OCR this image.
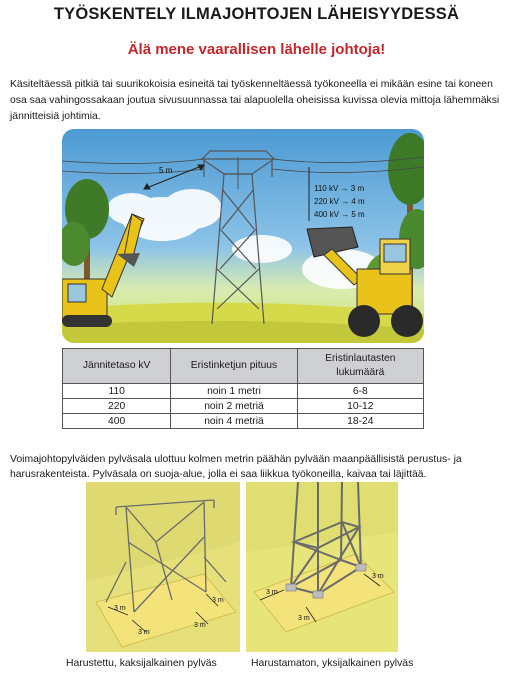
TYÖSKENTELY ILMAJOHTOJEN LÄHEISYYDESSÄ
Älä mene vaarallisen lähelle johtoja!
Käsiteltäessä pitkiä tai suurikokoisia esineitä tai työskenneltäessä työkoneella ei mikään esine tai koneen osa saa vahingossakaan joutua sivusuunnassa tai alapuolella oheisissa kuvissa olevia mittoja lähemmäksi jännitteisiä johtimia.
5 m
110 kV → 3 m
220 kV → 4 m
400 kV → 5 m
Jännitetaso kV	Eristinketjun pituus	Eristinlautasten lukumäärä
110	noin 1 metri	6-8
220	noin 2 metriä	10-12
400	noin 4 metriä	18-24
Voimajohtopylväiden pylväsala ulottuu kolmen metrin päähän pylvään maanpäällisistä perustus- ja harusrakenteista. Pylväsala on suoja-alue, jolla ei saa liikkua työkoneilla, kaivaa tai läjittää.
3 m
3 m
3 m
3 m
Harustettu, kaksijalkainen pylväs
3 m
3 m
3 m
Harustamaton, yksijalkainen pylväs
